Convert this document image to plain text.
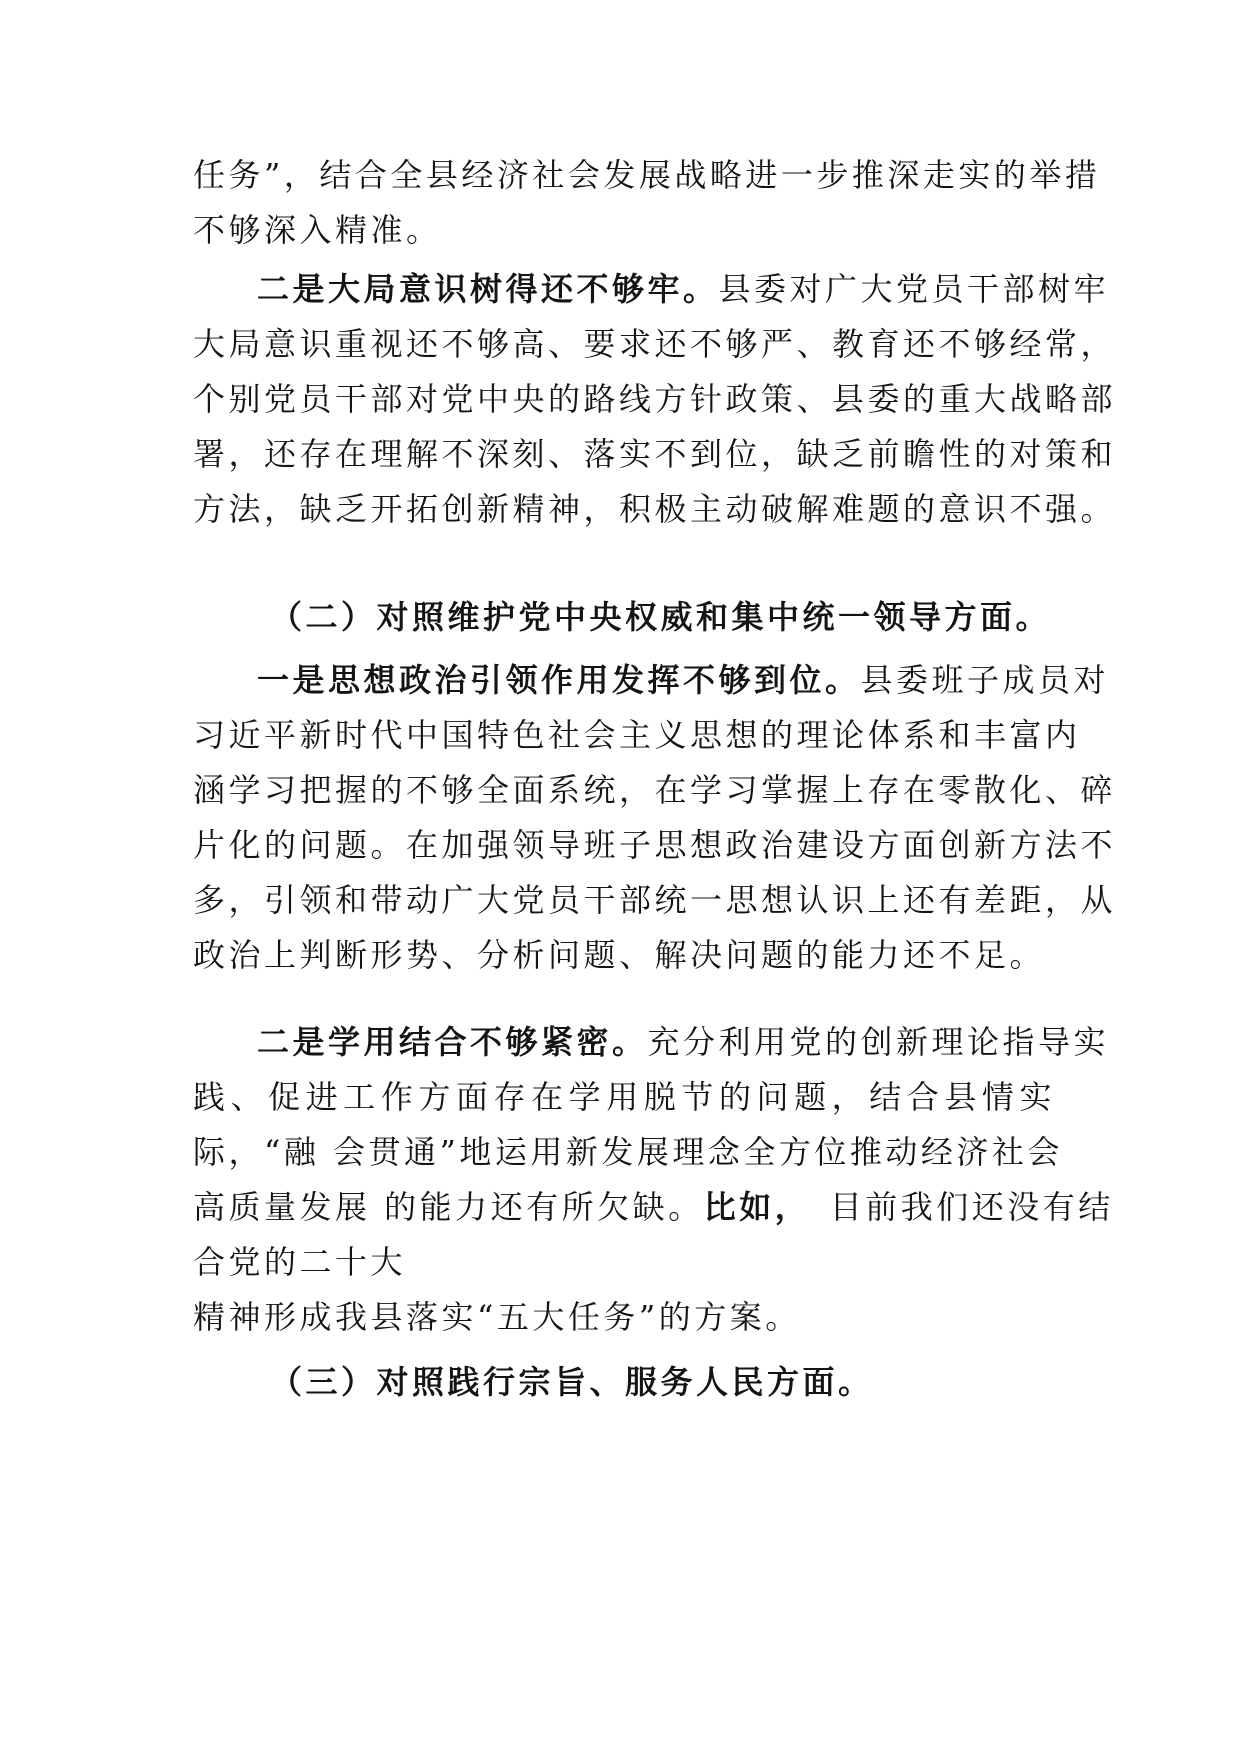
任务”，结合全县经济社会发展战略进一步推深走实的举措
不够深入精准。
二是大局意识树得还不够牢。县委对广大党员干部树牢
大局意识重视还不够高、要求还不够严、教育还不够经常，
个别党员干部对党中央的路线方针政策、县委的重大战略部
署，还存在理解不深刻、落实不到位，缺乏前瞻性的对策和
方法，缺乏开拓创新精神，积极主动破解难题的意识不强。
（二）对照维护党中央权威和集中统一领导方面。
一是思想政治引领作用发挥不够到位。县委班子成员对
习近平新时代中国特色社会主义思想的理论体系和丰富内
涵学习把握的不够全面系统，在学习掌握上存在零散化、碎
片化的问题。在加强领导班子思想政治建设方面创新方法不
多，引领和带动广大党员干部统一思想认识上还有差距，从
政治上判断形势、分析问题、解决问题的能力还不足。
二是学用结合不够紧密。充分利用党的创新理论指导实
践、促进工作方面存在学用脱节的问题，结合县情实
际，“融 会贯通”地运用新发展理念全方位推动经济社会
高质量发展 的能力还有所欠缺。比如，　目前我们还没有结
合党的二十大
精神形成我县落实“五大任务”的方案。
（三）对照践行宗旨、服务人民方面。
